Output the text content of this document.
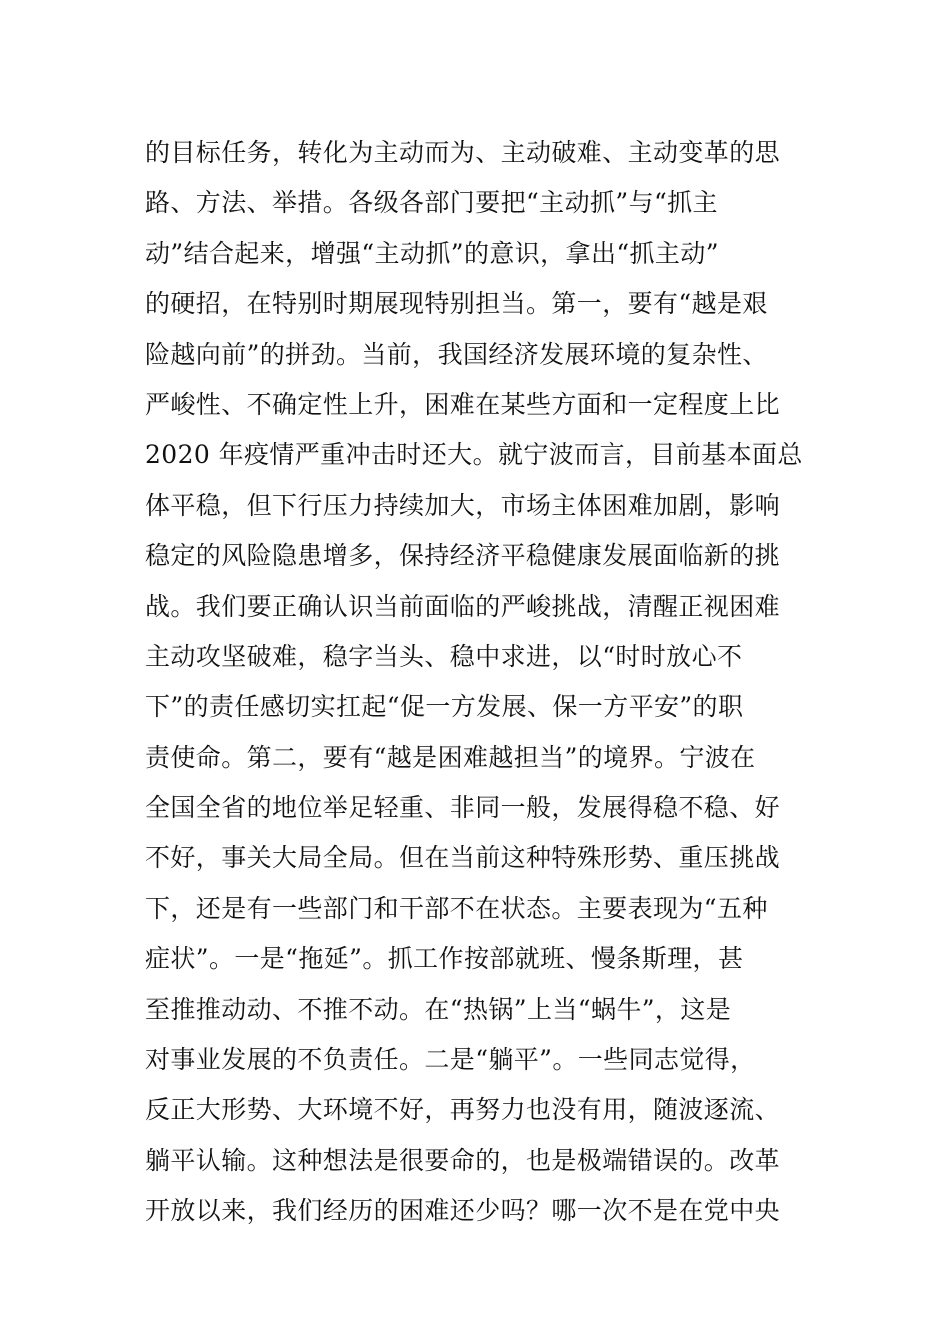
的目标任务，转化为主动而为、主动破难、主动变革的思
路、方法、举措。各级各部门要把“主动抓”与“抓主
动”结合起来，增强“主动抓”的意识，拿出“抓主动”
的硬招，在特别时期展现特别担当。第一，要有“越是艰
险越向前”的拼劲。当前，我国经济发展环境的复杂性、
严峻性、不确定性上升，困难在某些方面和一定程度上比
2020 年疫情严重冲击时还大。就宁波而言，目前基本面总
体平稳，但下行压力持续加大，市场主体困难加剧，影响
稳定的风险隐患增多，保持经济平稳健康发展面临新的挑
战。我们要正确认识当前面临的严峻挑战，清醒正视困难
主动攻坚破难，稳字当头、稳中求进，以“时时放心不
下”的责任感切实扛起“促一方发展、保一方平安”的职
责使命。第二，要有“越是困难越担当”的境界。宁波在
全国全省的地位举足轻重、非同一般，发展得稳不稳、好
不好，事关大局全局。但在当前这种特殊形势、重压挑战
下，还是有一些部门和干部不在状态。主要表现为“五种
症状”。一是“拖延”。抓工作按部就班、慢条斯理，甚
至推推动动、不推不动。在“热锅”上当“蜗牛”，这是
对事业发展的不负责任。二是“躺平”。一些同志觉得，
反正大形势、大环境不好，再努力也没有用，随波逐流、
躺平认输。这种想法是很要命的，也是极端错误的。改革
开放以来，我们经历的困难还少吗？哪一次不是在党中央
